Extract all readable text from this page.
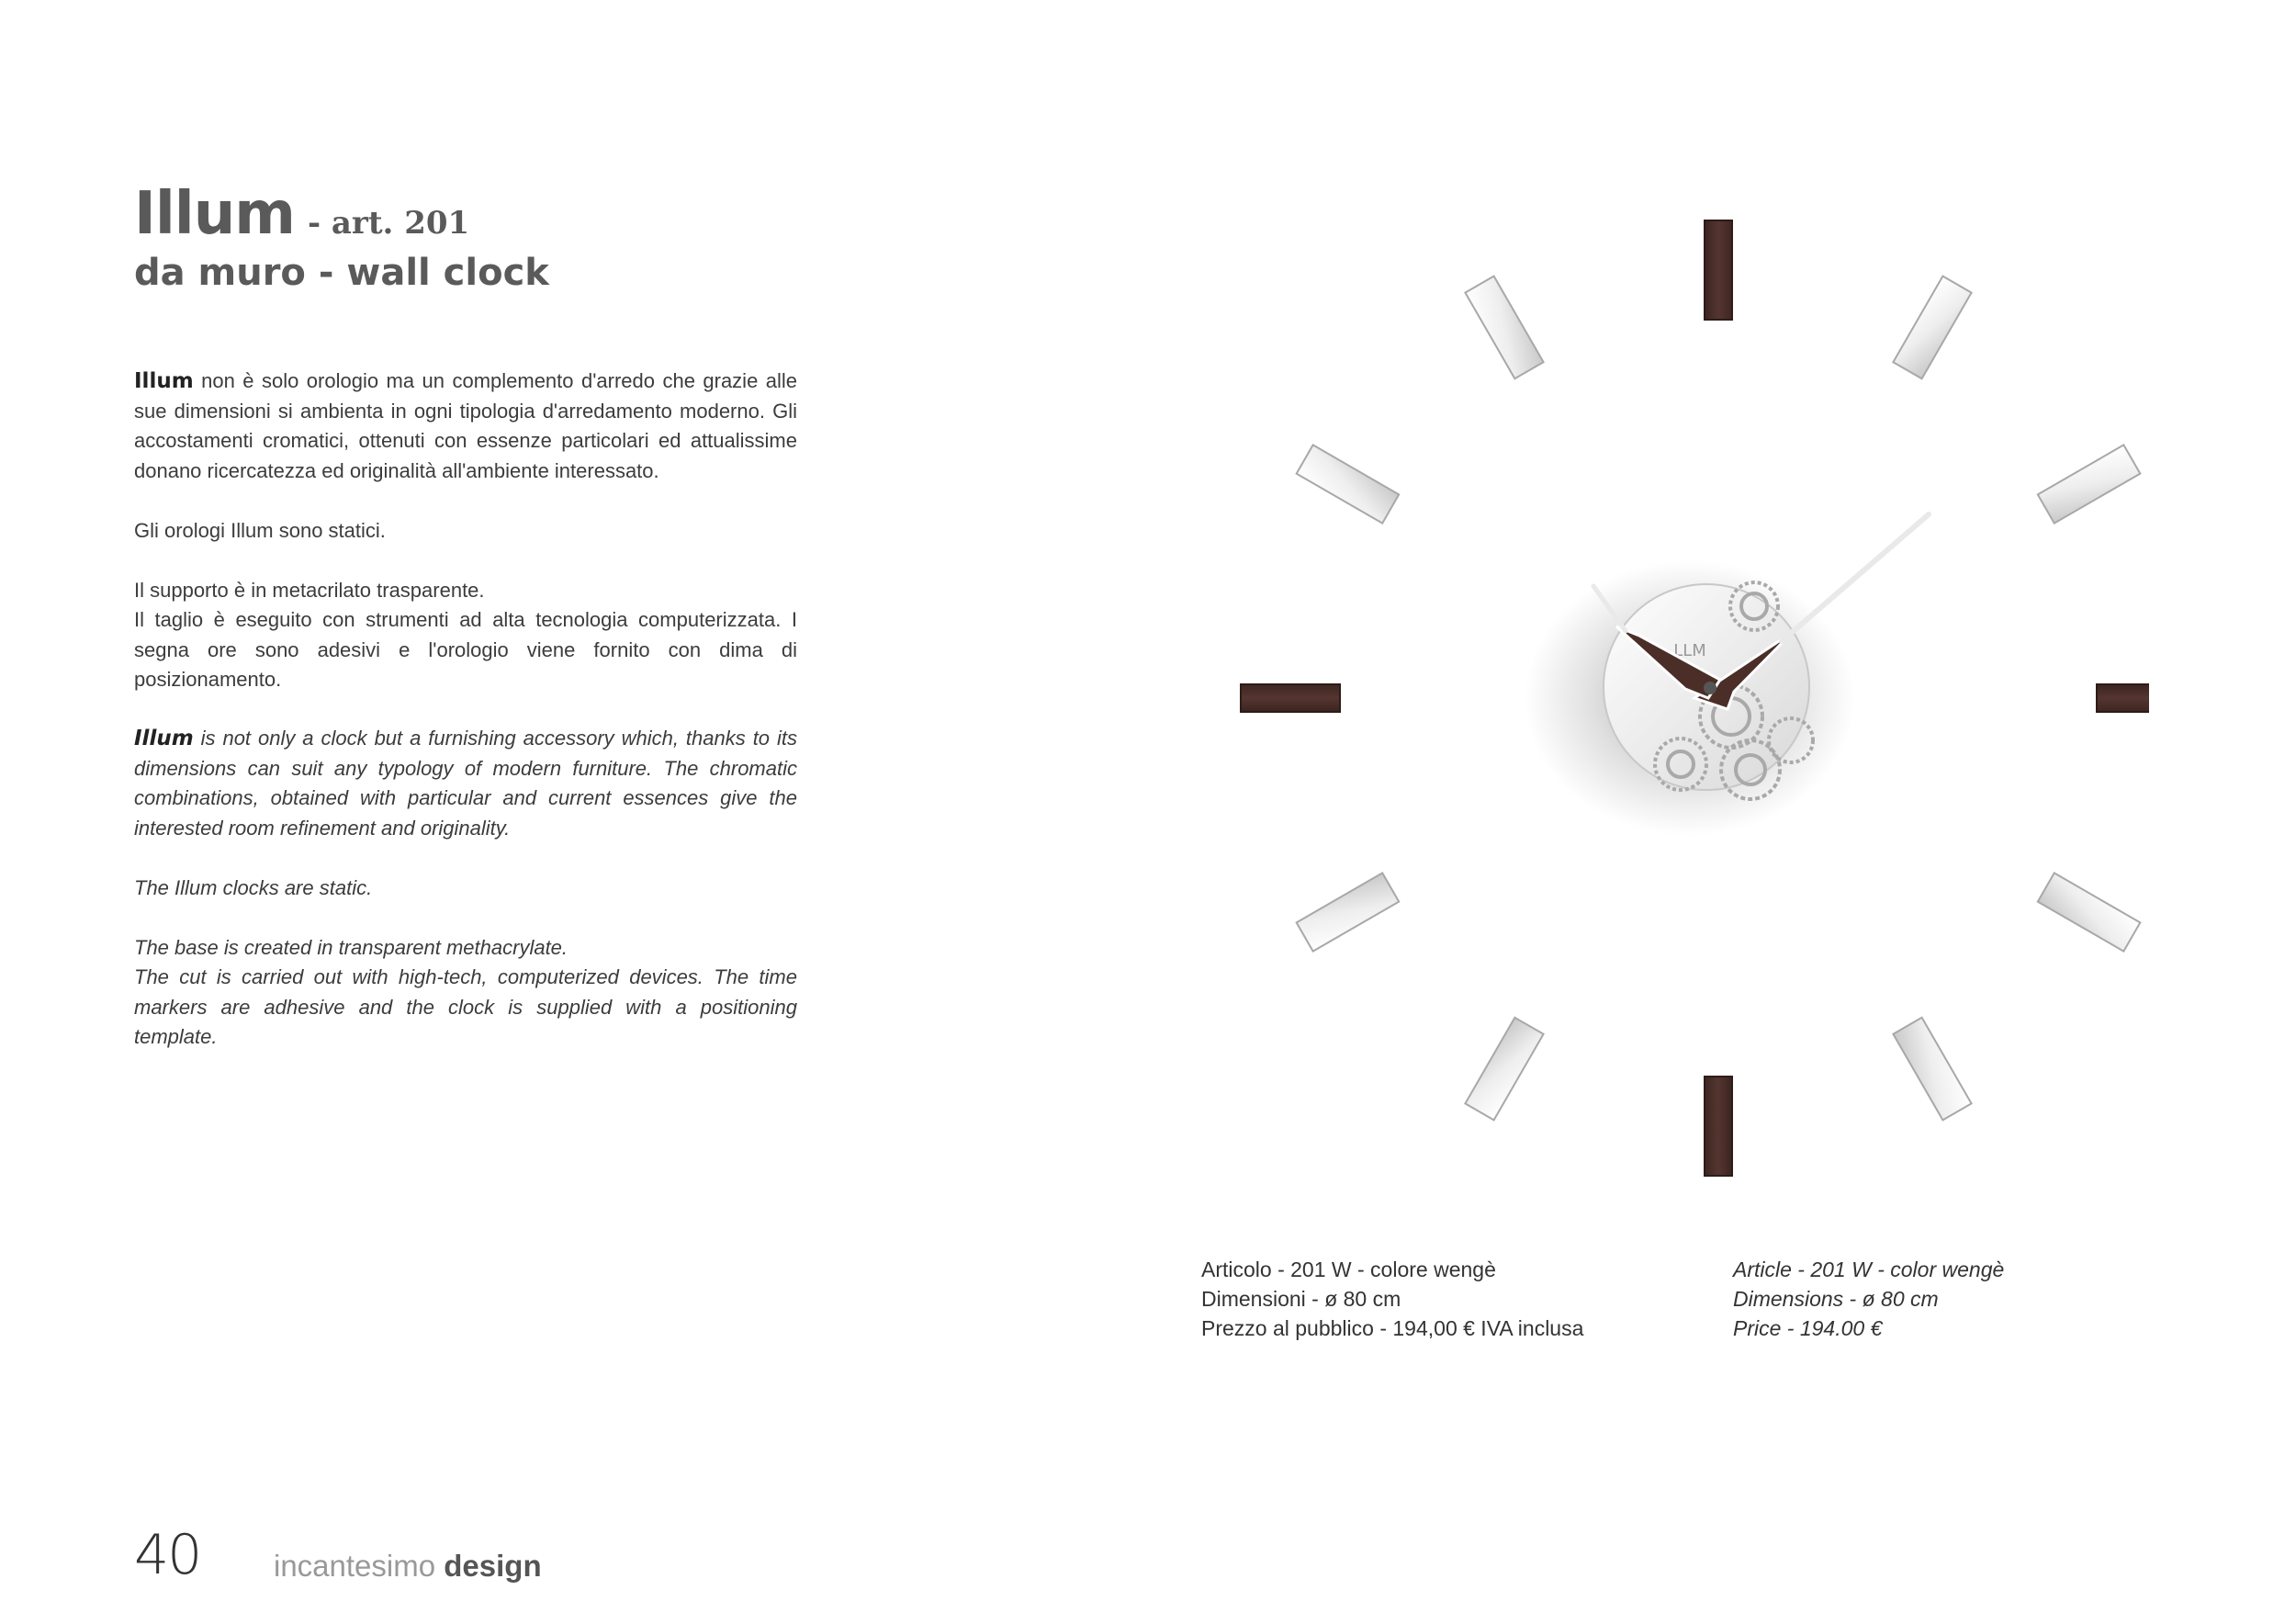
Illum - art. 201
da muro - wall clock

Illum non è solo orologio ma un complemento d'arredo che grazie alle sue dimensioni si ambienta in ogni tipologia d'arredamento moderno. Gli accostamenti cromatici, ottenuti con essenze particolari ed attualissime donano ricercatezza ed originalità all'ambiente interessato.

Gli orologi Illum sono statici.

Il supporto è in metacrilato trasparente.
Il taglio è eseguito con strumenti ad alta tecnologia computerizzata. I segna ore sono adesivi e l'orologio viene fornito con dima di posizionamento.

Illum is not only a clock but a furnishing accessory which, thanks to its dimensions can suit any typology of modern furniture. The chromatic combinations, obtained with particular and current essences give the interested room refinement and originality.

The Illum clocks are static.

The base is created in transparent methacrylate.
The cut is carried out with high-tech, computerized devices. The time markers are adhesive and the clock is supplied with a positioning template.

LLM
Articolo - 201 W - colore wengè
Dimensioni - ø 80 cm
Prezzo al pubblico - 194,00 € IVA inclusa
Article - 201 W - color wengè
Dimensions - ø 80 cm
Price - 194.00 €
40 incantesimo design
